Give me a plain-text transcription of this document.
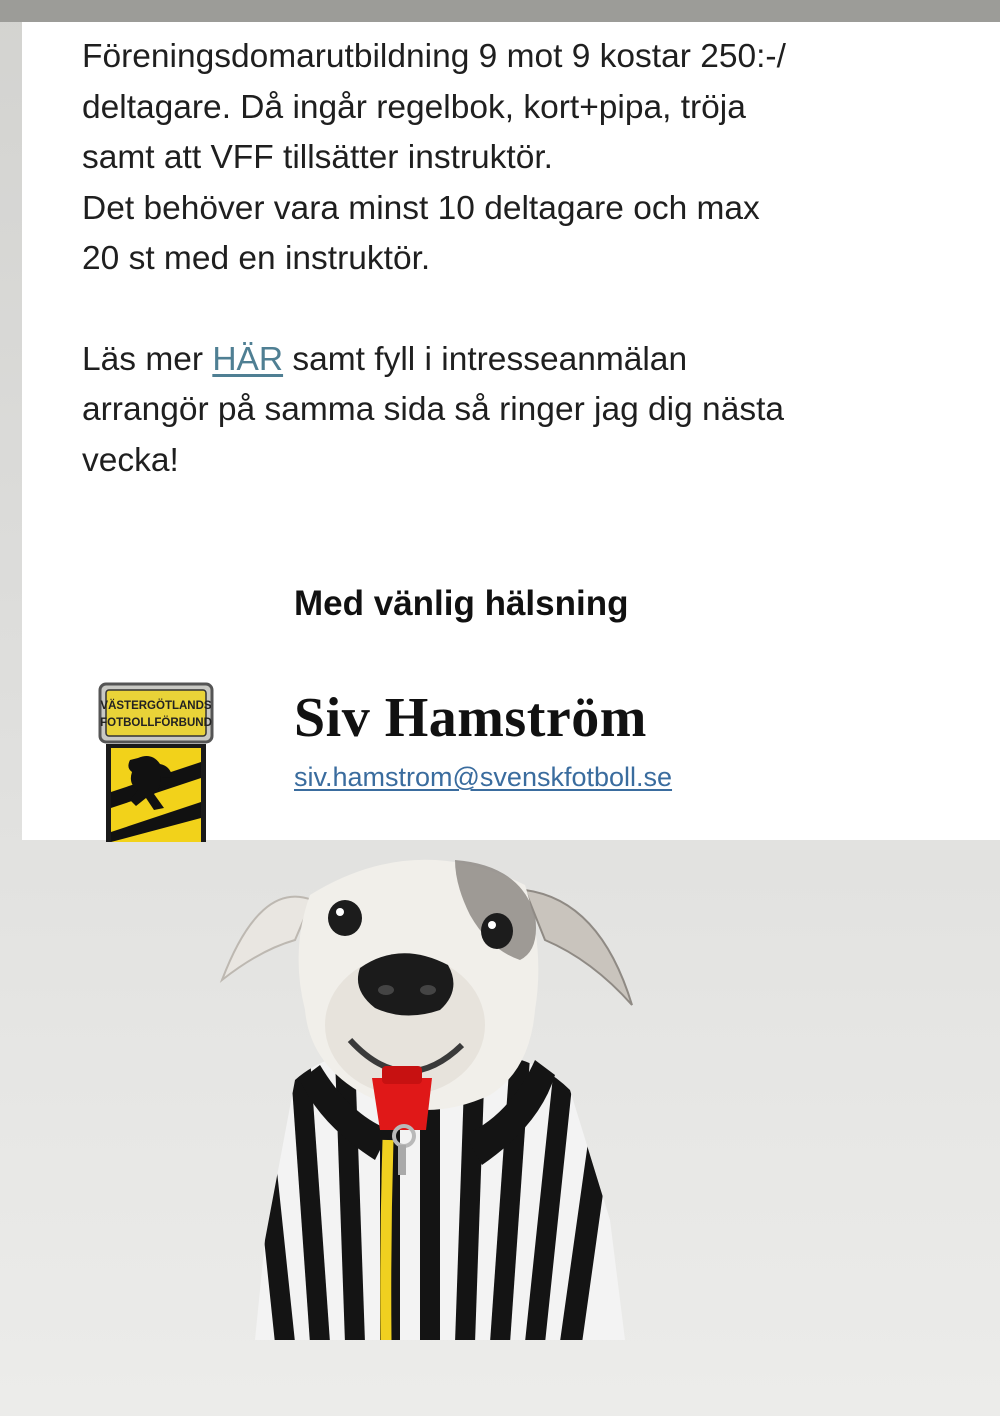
Föreningsdomarutbildning 9 mot 9 kostar 250:-/

deltagare. Då ingår regelbok, kort+pipa, tröja

samt att VFF tillsätter instruktör.

Det behöver vara minst 10 deltagare och max

20 st med en instruktör.

Läs mer HÄR samt fyll i intresseanmälan

arrangör på samma sida så ringer jag dig nästa

vecka!

Med vänlig hälsning
VÄSTERGÖTLANDS
FOTBOLLFÖRBUND Siv Hamström
siv.hamstrom@svenskfotboll.se
